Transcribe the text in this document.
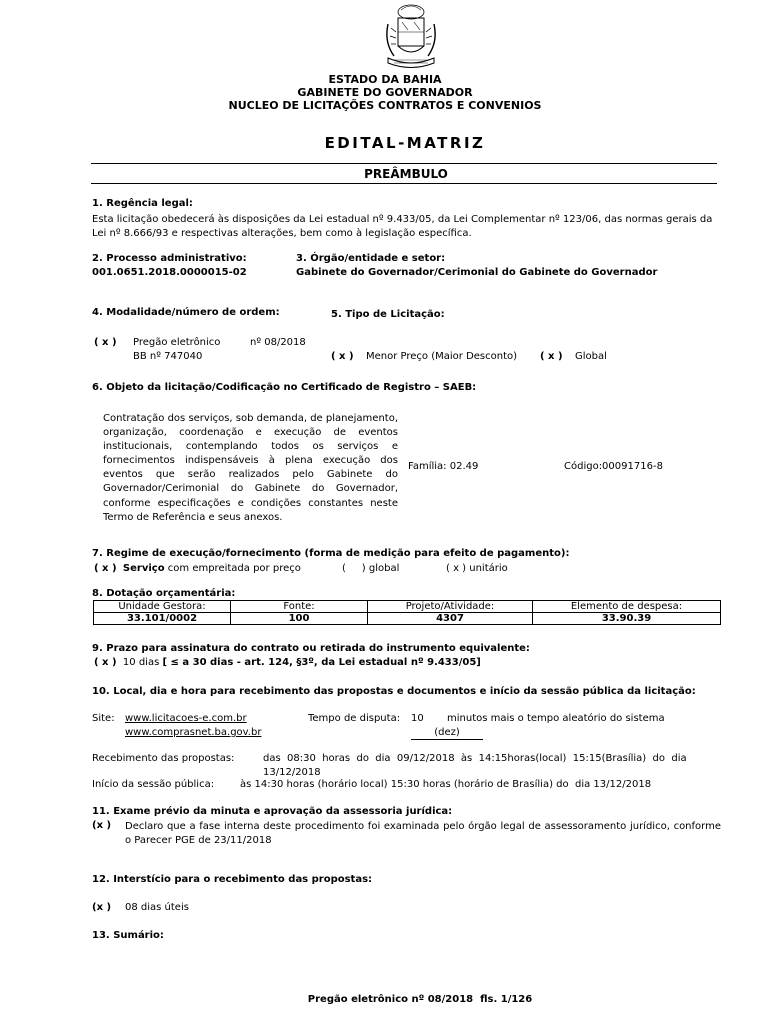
ESTADO DA BAHIA
GABINETE DO GOVERNADOR
NUCLEO DE LICITAÇÕES CONTRATOS E CONVENIOS
EDITAL-MATRIZ
PREÂMBULO
1. Regência legal:
Esta licitação obedecerá às disposições da Lei estadual nº 9.433/05, da Lei Complementar nº 123/06, das normas gerais da Lei nº 8.666/93 e respectivas alterações, bem como à legislação específica.
2. Processo administrativo:
001.0651.2018.0000015-02
3. Órgão/entidade e setor:
Gabinete do Governador/Cerimonial do Gabinete do Governador
4. Modalidade/número de ordem:	5. Tipo de Licitação:
( x ) Pregão eletrônico	nº 08/2018
BB nº 747040	( x ) Menor Preço (Maior Desconto) ( x ) Global
6. Objeto da licitação/Codificação no Certificado de Registro – SAEB:
Contratação dos serviços, sob demanda, de planejamento, organização, coordenação e execução de eventos institucionais, contemplando todos os serviços e fornecimentos indispensáveis à plena execução dos eventos que serão realizados pelo Gabinete do Governador/Cerimonial do Gabinete do Governador, conforme especificações e condições constantes neste Termo de Referência e seus anexos.
Família: 02.49	Código:00091716-8
7. Regime de execução/fornecimento (forma de medição para efeito de pagamento):
( x ) Serviço com empreitada por preço	(     ) global	( x ) unitário
8. Dotação orçamentária:
Unidade Gestora:	Fonte:	Projeto/Atividade:	Elemento de despesa:
33.101/0002	100	4307	33.90.39
9. Prazo para assinatura do contrato ou retirada do instrumento equivalente:
( x ) 10 dias [ ≤ a 30 dias - art. 124, §3º, da Lei estadual nº 9.433/05]
10. Local, dia e hora para recebimento das propostas e documentos e início da sessão pública da licitação:
Site: www.licitacoes-e.com.br
www.comprasnet.ba.gov.br
Tempo de disputa: 10
(dez)
minutos mais o tempo aleatório do sistema
Recebimento das propostas:	das  08:30  horas  do  dia  09/12/2018  às  14:15horas(local)  15:15(Brasília)  do  dia
13/12/2018
Início da sessão pública:	às 14:30 horas (horário local) 15:30 horas (horário de Brasília) do  dia 13/12/2018
11. Exame prévio da minuta e aprovação da assessoria jurídica:
(x ) Declaro que a fase interna deste procedimento foi examinada pelo órgão legal de assessoramento jurídico, conforme o Parecer PGE de 23/11/2018
12. Interstício para o recebimento das propostas:
(x ) 08 dias úteis
13. Sumário:
Pregão eletrônico nº 08/2018  fls. 1/126
